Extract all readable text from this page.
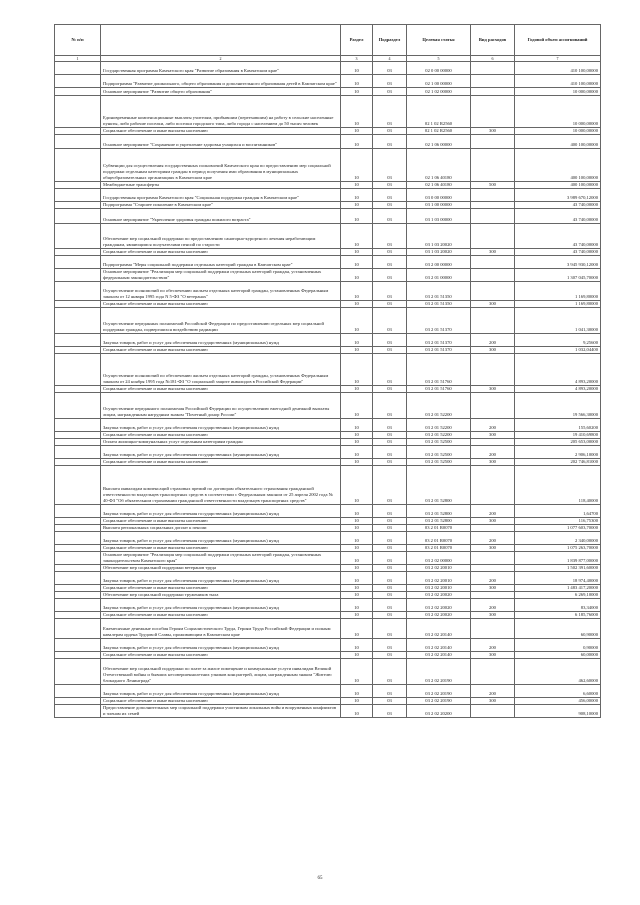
№ п/п		Раздел	Подраздел	Целевая статья	Вид расходов	Годовой объем ассигнований
1	2	3	4	5	6	7
	Государственная программа Камчатского края "Развитие образования в Камчатском крае"	10	03	02 0 00 00000		410 100,00000
	Подпрограмма "Развитие дошкольного, общего образования и дополнительного образования детей в Камчатском крае"	10	03	02 1 00 00000		410 100,00000
	Основное мероприятие "Развитие общего образования"	10	03	02 1 02 00000		10 000,00000
	Единовременные компенсационные выплаты учителям, прибывшим (переехавшим) на работу в сельские населенные пункты, либо рабочие поселки, либо поселки городского типа, либо города с населением до 50 тысяч человек	10	03	02 1 02 R2560		10 000,00000
	Социальное обеспечение и иные выплаты населению	10	03	02 1 02 R2560	300	10 000,00000
	Основное мероприятие "Сохранение и укрепление здоровья учащихся и воспитанников"	10	03	02 1 06 00000		400 100,00000
	Субвенции для осуществления государственных полномочий Камчатского края по предоставлению мер социальной поддержки отдельным категориям граждан в период получения ими образования в муниципальных общеобразовательных организациях в Камчатском крае	10	03	02 1 06 40180		400 100,00000
	Межбюджетные трансферты	10	03	02 1 06 40180	500	400 100,00000
	Государственная программа Камчатского края "Социальная поддержка граждан в Камчатском крае"	10	03	03 0 00 00000		3 989 670,12000
	Подпрограмма "Старшее поколение в Камчатском крае"	10	03	03 1 00 00000		43 740,00000
	Основное мероприятие "Укрепление здоровья граждан пожилого возраста"	10	03	03 1 03 00000		43 740,00000
	Обеспечение мер социальной поддержки по предоставлению санаторно-курортного лечения неработающим гражданам, являющимся получателями пенсий по старости	10	03	03 1 03 20020		43 740,00000
	Социальное обеспечение и иные выплаты населению	10	03	03 1 03 20020	300	43 740,00000
	Подпрограмма "Меры социальной поддержки отдельных категорий граждан в Камчатском крае"	10	03	03 2 00 00000		3 945 930,12000
	Основное мероприятие "Реализация мер социальной поддержки отдельных категорий граждан, установленных федеральным законодательством"	10	03	03 2 01 00000		1 307 045,70000
	Осуществление полномочий по обеспечению жильем отдельных категорий граждан, установленных Федеральным законом от 12 января 1995 года N 5-ФЗ "О ветеранах"	10	03	03 2 01 51350		1 169,80000
	Социальное обеспечение и иные выплаты населению	10	03	03 2 01 51350	300	1 169,80000
	Осуществление переданных полномочий Российской Федерации по предоставлению отдельных мер социальной поддержки граждан, подвергшихся воздействию радиации	10	03	03 2 01 51370		1 041,30000
	Закупка товаров, работ и услуг для обеспечения государственных (муниципальных) нужд	10	03	03 2 01 51370	200	9,25600
	Социальное обеспечение и иные выплаты населению	10	03	03 2 01 51370	300	1 032,04400
	Осуществление полномочий по обеспечению жильем отдельных категорий граждан, установленных Федеральным законом от 24 ноября 1995 года №181-ФЗ "О социальной защите инвалидов в Российской Федерации"	10	03	03 2 01 51760		4 893,20000
	Социальное обеспечение и иные выплаты населению	10	03	03 2 01 51760	300	4 893,20000
	Осуществление переданного полномочия Российской Федерации по осуществлению ежегодной денежной выплаты лицам, награжденным нагрудным знаком "Почетный донор России"	10	03	03 2 01 52200		19 566,30000
	Закупка товаров, работ и услуг для обеспечения государственных (муниципальных) нужд	10	03	03 2 01 52200	200	155,60200
	Социальное обеспечение и иные выплаты населению	10	03	03 2 01 52200	300	19 410,69800
	Оплата жилищно-коммунальных услуг отдельным категориям граждан	10	03	03 2 01 52500		205 653,00000
	Закупка товаров, работ и услуг для обеспечения государственных (муниципальных) нужд	10	03	03 2 01 52500	200	2 906,10000
	Социальное обеспечение и иные выплаты населению	10	03	03 2 01 52500	300	202 746,81000
	Выплата инвалидам компенсаций страховых премий по договорам обязательного страхования гражданской ответственности владельцев транспортных средств в соответствии с Федеральным законом от 25 апреля 2002 года № 40-ФЗ "Об обязательном страховании гражданской ответственности владельцев транспортных средств"	10	03	03 2 01 52800		118,40000
	Закупка товаров, работ и услуг для обеспечения государственных (муниципальных) нужд	10	03	03 2 01 52800	200	1,64700
	Социальное обеспечение и иные выплаты населению	10	03	03 2 01 52800	300	116,75300
	Выплата региональных социальных доплат к пенсии	10	03	03 2 01 R0070		1 077 603,70000
	Закупка товаров, работ и услуг для обеспечения государственных (муниципальных) нужд	10	03	03 2 01 R0070	200	2 340,00000
	Социальное обеспечение и иные выплаты населению	10	03	03 2 01 R0070	300	1 075 263,70000
	Основное мероприятие "Реализация мер социальной поддержки отдельных категорий граждан, установленных законодательством Камчатского края"	10	03	03 2 02 00000		1 839 877,00000
	Обеспечение мер социальной поддержки ветеранов труда	10	03	03 2 02 20010		1 502 391,60000
	Закупка товаров, работ и услуг для обеспечения государственных (муниципальных) нужд	10	03	03 2 02 20010	200	18 974,40000
	Социальное обеспечение и иные выплаты населению	10	03	03 2 02 20010	300	1 483 417,20000
	Обеспечение мер социальной поддержки тружеников тыла	10	03	03 2 02 20020		6 269,10000
	Закупка товаров, работ и услуг для обеспечения государственных (муниципальных) нужд	10	03	03 2 02 20020	200	83,34000
	Социальное обеспечение и иные выплаты населению	10	03	03 2 02 20020	300	6 185,76000
	Ежемесячные денежные пособия Героям Социалистического Труда, Героям Труда Российской Федерации и полным кавалерам ордена Трудовой Славы, проживающим в Камчатском крае	10	03	03 2 02 20140		60,90000
	Закупка товаров, работ и услуг для обеспечения государственных (муниципальных) нужд	10	03	03 2 02 20140	200	0,90000
	Социальное обеспечение и иные выплаты населению	10	03	03 2 02 20140	300	60,00000
	Обеспечение мер социальной поддержки по плате за жилое помещение и коммунальные услуги инвалидам Великой Отечественной войны и бывших несовершеннолетних узников концлагерей, лицам, награжденным знаком "Жителю блокадного Ленинграда"	10	03	03 2 02 20190		462,60000
	Закупка товаров, работ и услуг для обеспечения государственных (муниципальных) нужд	10	03	03 2 02 20190	200	6,60000
	Социальное обеспечение и иные выплаты населению	10	03	03 2 02 20190	300	456,00000
	Предоставление дополнительных мер социальной поддержки участникам локальных войн и вооруженных конфликтов и членам их семей	10	03	03 2 02 20200		908,10000
65
